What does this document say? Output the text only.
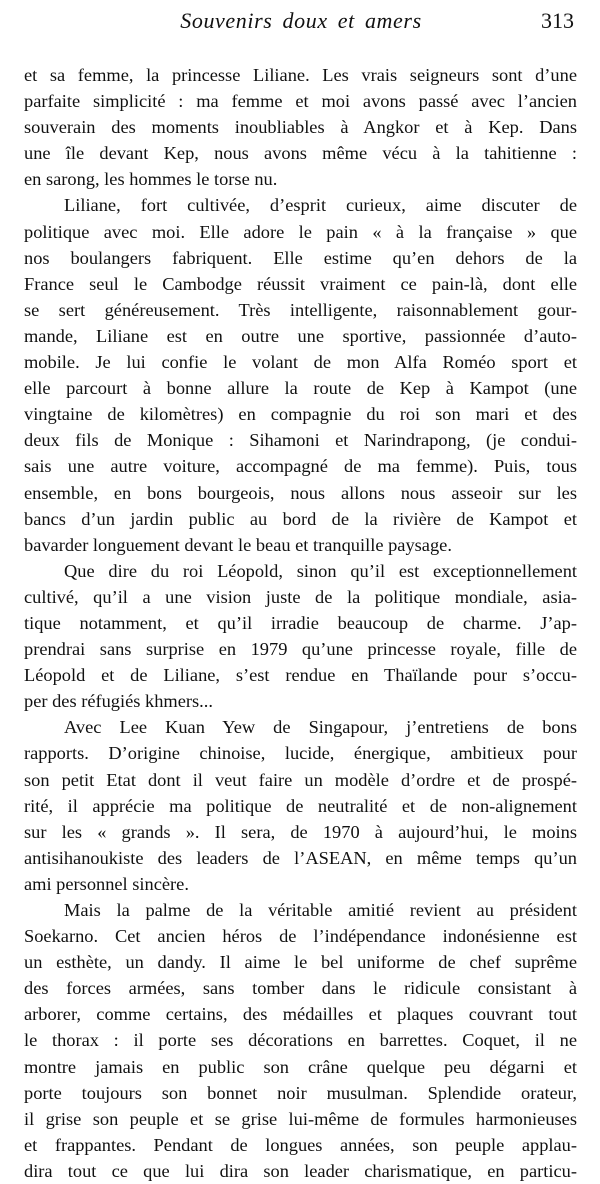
Souvenirs doux et amers	313
et sa femme, la princesse Liliane. Les vrais seigneurs sont d’une
parfaite simplicité : ma femme et moi avons passé avec l’ancien
souverain des moments inoubliables à Angkor et à Kep. Dans
une île devant Kep, nous avons même vécu à la tahitienne :
en sarong, les hommes le torse nu.
Liliane, fort cultivée, d’esprit curieux, aime discuter de
politique avec moi. Elle adore le pain « à la française » que
nos boulangers fabriquent. Elle estime qu’en dehors de la
France seul le Cambodge réussit vraiment ce pain-là, dont elle
se sert généreusement. Très intelligente, raisonnablement gour-
mande, Liliane est en outre une sportive, passionnée d’auto-
mobile. Je lui confie le volant de mon Alfa Roméo sport et
elle parcourt à bonne allure la route de Kep à Kampot (une
vingtaine de kilomètres) en compagnie du roi son mari et des
deux fils de Monique : Sihamoni et Narindrapong, (je condui-
sais une autre voiture, accompagné de ma femme). Puis, tous
ensemble, en bons bourgeois, nous allons nous asseoir sur les
bancs d’un jardin public au bord de la rivière de Kampot et
bavarder longuement devant le beau et tranquille paysage.
Que dire du roi Léopold, sinon qu’il est exceptionnellement
cultivé, qu’il a une vision juste de la politique mondiale, asia-
tique notamment, et qu’il irradie beaucoup de charme. J’ap-
prendrai sans surprise en 1979 qu’une princesse royale, fille de
Léopold et de Liliane, s’est rendue en Thaïlande pour s’occu-
per des réfugiés khmers...
Avec Lee Kuan Yew de Singapour, j’entretiens de bons
rapports. D’origine chinoise, lucide, énergique, ambitieux pour
son petit Etat dont il veut faire un modèle d’ordre et de prospé-
rité, il apprécie ma politique de neutralité et de non-alignement
sur les « grands ». Il sera, de 1970 à aujourd’hui, le moins
antisihanoukiste des leaders de l’ASEAN, en même temps qu’un
ami personnel sincère.
Mais la palme de la véritable amitié revient au président
Soekarno. Cet ancien héros de l’indépendance indonésienne est
un esthète, un dandy. Il aime le bel uniforme de chef suprême
des forces armées, sans tomber dans le ridicule consistant à
arborer, comme certains, des médailles et plaques couvrant tout
le thorax : il porte ses décorations en barrettes. Coquet, il ne
montre jamais en public son crâne quelque peu dégarni et
porte toujours son bonnet noir musulman. Splendide orateur,
il grise son peuple et se grise lui-même de formules harmonieuses
et frappantes. Pendant de longues années, son peuple applau-
dira tout ce que lui dira son leader charismatique, en particu-
